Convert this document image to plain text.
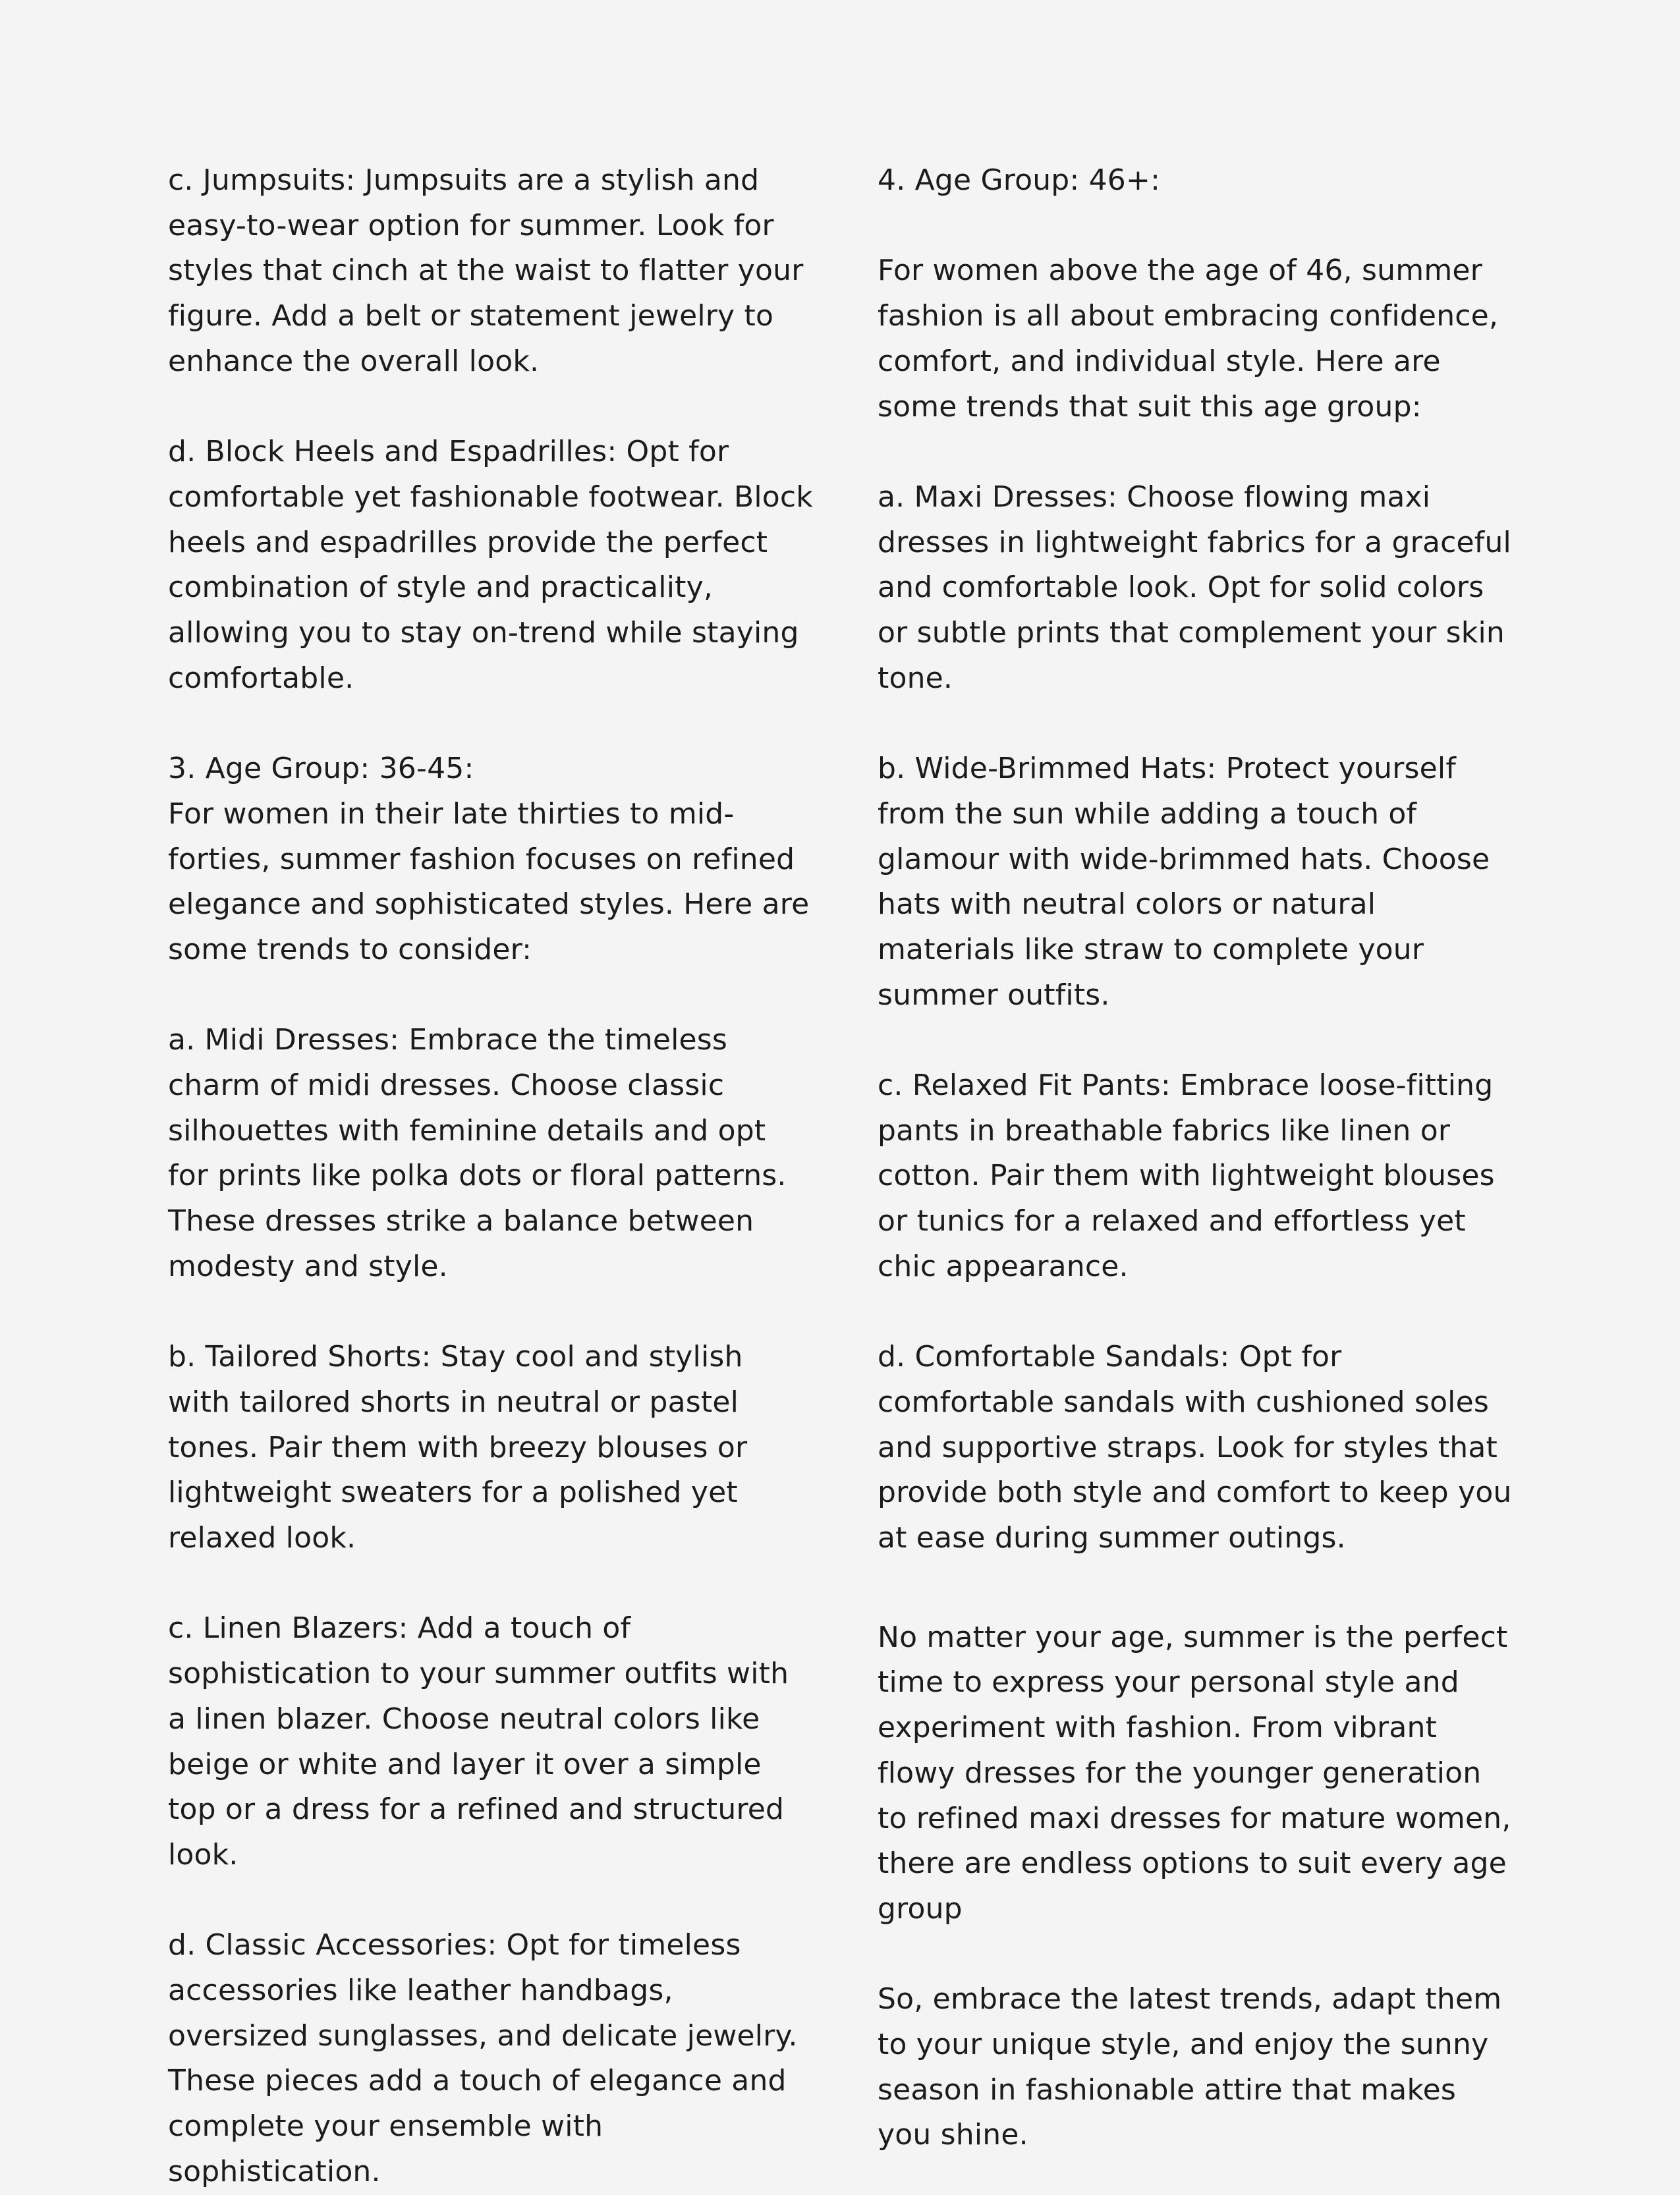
c. Jumpsuits: Jumpsuits are a stylish and easy-to-wear option for summer. Look for styles that cinch at the waist to flatter your figure. Add a belt or statement jewelry to enhance the overall look.

d. Block Heels and Espadrilles: Opt for comfortable yet fashionable footwear. Block heels and espadrilles provide the perfect combination of style and practicality, allowing you to stay on-trend while staying comfortable.

3. Age Group: 36-45:

For women in their late thirties to mid-forties, summer fashion focuses on refined elegance and sophisticated styles. Here are some trends to consider:

a. Midi Dresses: Embrace the timeless charm of midi dresses. Choose classic silhouettes with feminine details and opt for prints like polka dots or floral patterns. These dresses strike a balance between modesty and style.

b. Tailored Shorts: Stay cool and stylish with tailored shorts in neutral or pastel tones. Pair them with breezy blouses or lightweight sweaters for a polished yet relaxed look.

c. Linen Blazers: Add a touch of sophistication to your summer outfits with a linen blazer. Choose neutral colors like beige or white and layer it over a simple top or a dress for a refined and structured look.

d. Classic Accessories: Opt for timeless accessories like leather handbags, oversized sunglasses, and delicate jewelry. These pieces add a touch of elegance and complete your ensemble with sophistication.

4. Age Group: 46+:

For women above the age of 46, summer fashion is all about embracing confidence, comfort, and individual style. Here are some trends that suit this age group:

a. Maxi Dresses: Choose flowing maxi dresses in lightweight fabrics for a graceful and comfortable look. Opt for solid colors or subtle prints that complement your skin tone.

b. Wide-Brimmed Hats: Protect yourself from the sun while adding a touch of glamour with wide-brimmed hats. Choose hats with neutral colors or natural materials like straw to complete your summer outfits.

c. Relaxed Fit Pants: Embrace loose-fitting pants in breathable fabrics like linen or cotton. Pair them with lightweight blouses or tunics for a relaxed and effortless yet chic appearance.

d. Comfortable Sandals: Opt for comfortable sandals with cushioned soles and supportive straps. Look for styles that provide both style and comfort to keep you at ease during summer outings.

No matter your age, summer is the perfect time to express your personal style and experiment with fashion. From vibrant flowy dresses for the younger generation to refined maxi dresses for mature women, there are endless options to suit every age group

So, embrace the latest trends, adapt them to your unique style, and enjoy the sunny season in fashionable attire that makes you shine.
